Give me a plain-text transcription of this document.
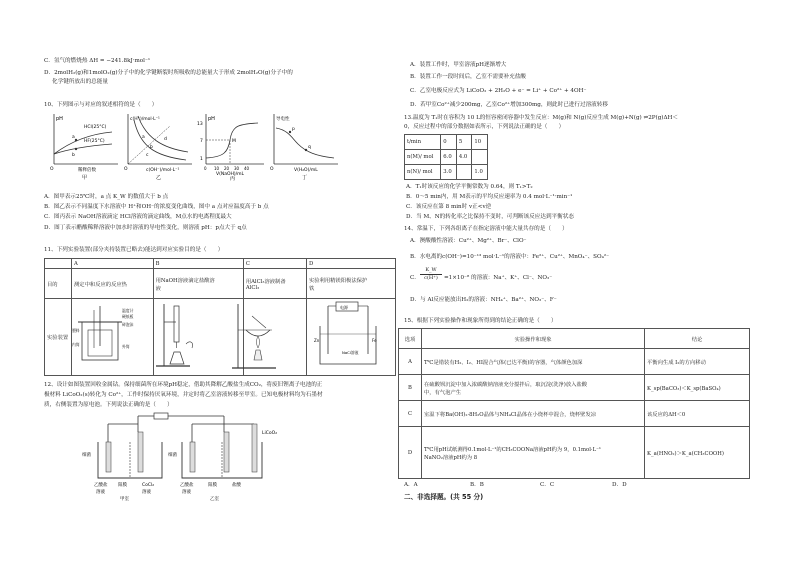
C．氢气的燃烧热 ΔH = −241.8kJ·mol⁻¹
D．2molH₂(g)和1molO₂(g)分子中的化学键断裂时所吸收的总能量大于形成 2molH₂O(g)分子中的
化学键所放出的总能量
10、下列图示与对应的叙述相符的是（　　）
pH
HCl(25°C)
HF(25°C)
a
b
O	稀释倍数
甲
c(H⁺)/mol·L⁻¹
a
b
c
d
O	c(OH⁻)/mol·L⁻¹
乙
pH
13
7
1
M
0 10 20 30 40
V(NaOH)/mL
丙
导电性
p
q
O	V(H₂O)/mL
丁
A．图甲表示25℃时，a 点 K_W 的数值大于 b 点
B．图乙表示不同温度下水溶液中 H⁺和OH⁻的浓度变化曲线，图中 a 点对应温度高于 b 点
C．图丙表示 NaOH溶液滴定 HCl溶液的滴定曲线，M点水的电离程度最大
D．图丁表示醋酸稀释溶液中加水时溶液的导电性变化，则溶液 pH：p点大于 q点
11、下列实验装置(部分夹持装置已略去)能达到对应实验目的是（　　）
	A	B	C	D
目的	测定中和反应的反应热	用NaOH溶液滴定盐酸溶
液	用AlCl₃溶液制备
AlCl₃	实验利用精镁阳极法保护
铁
实验装置				
温度计
硬纸板
碎泡沫
塑料
内筒	外筒
电源
Zn	Fe
NaCl溶液
12、设计如图装置回收金属钴。保持细菌所在环境pH稳定，借助其降解乙酸盐生成CO₂，将废旧锂离子电池的正
极材料 LiCoO₂(s)转化为 Co²⁺，工作时保持厌氧环境，并定时将乙室溶液转移至甲室。已知电极材料均为石墨材
质，右侧装置为原电池。下列说法正确的是（　　）
细菌	细菌
LiCoO₂
乙酸盐
溶液
阳膜	CoCl₂
溶液
乙酸盐
溶液
阳膜	盐酸
甲室	乙室
A．装置工作时，甲室溶液pH逐渐增大
B．装置工作一段时间后，乙室不需要补充盐酸
C．乙室电极反应式为 LiCoO₂ + 2H₂O + e⁻ = Li⁺ + Co²⁺ + 4OH⁻
D．若甲室Co²⁺减少200mg，乙室Co²⁺增加300mg，则此时已进行过溶液转移
13.温度为 T₁时在容积为 10 L的恒容密闭容器中发生反应：M(g)和 N(g)反应生成 M(g)+N(g) ⇌2P(g)ΔH＜
0，反应过程中的部分数据如表所示，下列说法正确的是（　　）
t/min	0	5	10
n(M)/ mol	6.0	4.0	
n(N)/ mol	3.0		1.0
A．T₁时该反应的化学平衡常数为 0.64，则 T₁>T₂
B．0～5 min内，用 M表示的平均反应速率为 0.4 mol·L⁻¹·min⁻¹
C．该反应在第 8 min时 v正<v逆
D．当 M、N的转化率之比保持不变时，可判断该反应达到平衡状态
14、常温下，下列各组离子在指定溶液中能大量共存的是（　　）
A．澳酸酸性溶液：Cu²⁺、Mg²⁺、Br⁻、ClO⁻
B．水电离的c(OH⁻)=10⁻¹³ mol·L⁻¹的溶液中：Fe²⁺、Cu²⁺、MnO₄⁻、SO₄²⁻
C．
K_W
c(H⁺)	=1×10⁻⁸ 的溶液：Na⁺、K⁺、Cl⁻、NO₃⁻
D．与 Al反应能放出H₂的溶液：NH₄⁺、Ba²⁺、NO₃⁻、F⁻
15、根据下列实验操作和现象所得到的结论正确的是（　　）
选项	实验操作和现象	结论
A	T℃是错装有H₂、I₂、HI混合气体(已达平衡)的容器，气体颜色加深	平衡向生成 I₂的方向移动
B	在硫酸钡沉淀中加入浓碳酸钠溶液充分搅拌后，取沉淀(洗净)放入盐酸
中，有气泡产生	K_sp(BaCO₃)＜K_sp(BaSO₄)
C	室温下将Ba(OH)₂·8H₂O晶体与NH₄Cl晶体在小烧杯中混合，烧杯壁发凉	该反应的ΔH＜0
D	T℃用pH试纸测得0.1mol·L⁻¹的CH₃COONa溶液pH约为 9，0.1mol·L⁻¹
NaNO₂溶液pH约为 8	K_a(HNO₂)＞K_a(CH₃COOH)
A．A	B．B	C．C	D．D
二、非选择题。(共 55 分)
